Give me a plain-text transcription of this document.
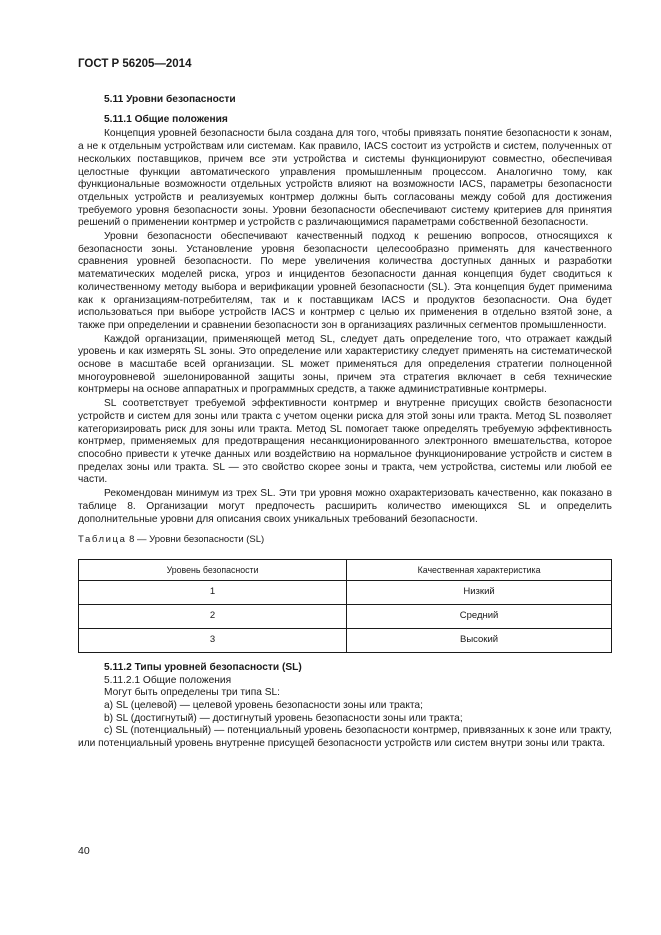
ГОСТ Р 56205—2014
5.11 Уровни безопасности
5.11.1 Общие положения

Концепция уровней безопасности была создана для того, чтобы привязать понятие безопасности к зонам, а не к отдельным устройствам или системам. Как правило, IACS состоит из устройств и систем, полученных от нескольких поставщиков, причем все эти устройства и системы функционируют совместно, обеспечивая целостные функции автоматического управления промышленным процессом. Аналогично тому, как функциональные возможности отдельных устройств влияют на возможности IACS, параметры безопасности отдельных устройств и реализуемых контрмер должны быть согласованы между собой для достижения требуемого уровня безопасности зоны. Уровни безопасности обеспечивают систему критериев для принятия решений о применении контрмер и устройств с различающимися параметрами собственной безопасности.

Уровни безопасности обеспечивают качественный подход к решению вопросов, относящихся к безопасности зоны. Установление уровня безопасности целесообразно применять для качественного сравнения уровней безопасности. По мере увеличения количества доступных данных и разработки математических моделей риска, угроз и инцидентов безопасности данная концепция будет сводиться к количественному методу выбора и верификации уровней безопасности (SL). Эта концепция будет применима как к организациям-потребителям, так и к поставщикам IACS и продуктов безопасности. Она будет использоваться при выборе устройств IACS и контрмер с целью их применения в отдельно взятой зоне, а также при определении и сравнении безопасности зон в организациях различных сегментов промышленности.

Каждой организации, применяющей метод SL, следует дать определение того, что отражает каждый уровень и как измерять SL зоны. Это определение или характеристику следует применять на систематической основе в масштабе всей организации. SL может применяться для определения стратегии полноценной многоуровневой эшелонированной защиты зоны, причем эта стратегия включает в себя технические контрмеры на основе аппаратных и программных средств, а также административные контрмеры.

SL соответствует требуемой эффективности контрмер и внутренне присущих свойств безопасности устройств и систем для зоны или тракта с учетом оценки риска для этой зоны или тракта. Метод SL позволяет категоризировать риск для зоны или тракта. Метод SL помогает также определять требуемую эффективность контрмер, применяемых для предотвращения несанкционированного электронного вмешательства, которое способно привести к утечке данных или воздействию на нормальное функционирование устройств и систем в пределах зоны или тракта. SL — это свойство скорее зоны и тракта, чем устройства, системы или любой ее части.

Рекомендован минимум из трех SL. Эти три уровня можно охарактеризовать качественно, как показано в таблице 8. Организации могут предпочесть расширить количество имеющихся SL и определить дополнительные уровни для описания своих уникальных требований безопасности.

Таблица 8 — Уровни безопасности (SL)

Уровень безопасности	Качественная характеристика
1	Низкий
2	Средний
3	Высокий
5.11.2 Типы уровней безопасности (SL)
5.11.2.1 Общие положения

Могут быть определены три типа SL:

a) SL (целевой) — целевой уровень безопасности зоны или тракта;

b) SL (достигнутый) — достигнутый уровень безопасности зоны или тракта;

c) SL (потенциальный) — потенциальный уровень безопасности контрмер, привязанных к зоне или тракту, или потенциальный уровень внутренне присущей безопасности устройств или систем внутри зоны или тракта.

40
